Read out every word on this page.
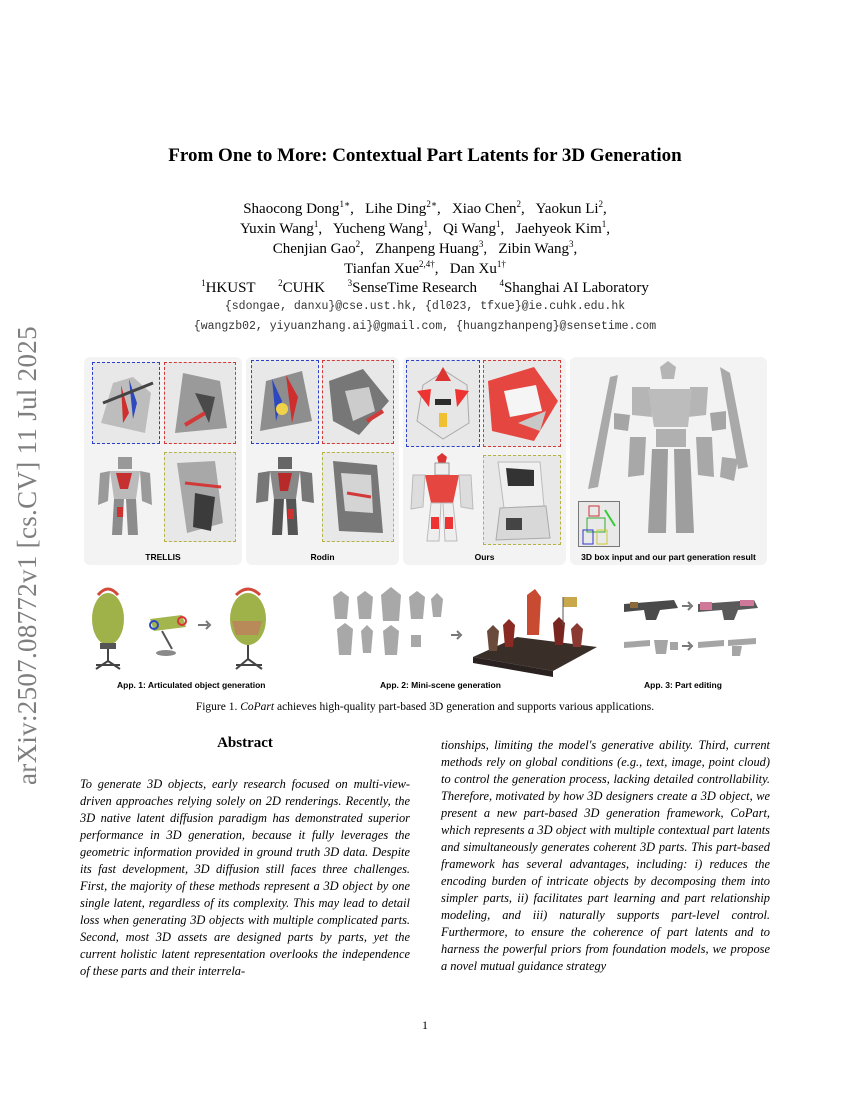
arXiv:2507.08772v1 [cs.CV] 11 Jul 2025
From One to More: Contextual Part Latents for 3D Generation
Shaocong Dong$^{1∗}$,   Lihe Ding$^{2∗}$,   Xiao Chen$^2$,   Yaokun Li$^2$,
Yuxin Wang$^1$,   Yucheng Wang$^1$,   Qi Wang$^1$,   Jaehyeok Kim$^1$,
Chenjian Gao$^2$,   Zhanpeng Huang$^3$,   Zibin Wang$^3$,
Tianfan Xue$^{2,4\dagger}$,   Dan $Xu^{1\dagger}$
$^1$HKUST	$^2$CUHK	$^3$SenseTime Research	$^4$Shanghai AI Laboratory
{sdongae, danxu}@cse.ust.hk, {dl023, tfxue}@ie.cuhk.edu.hk
{wangzb02, yiyuanzhang.ai}@gmail.com, {huangzhanpeng}@sensetime.com
TRELLIS	Rodin	Ours	3D box input and our part generation result
App. 1: Articulated object generation	App. 2: Mini-scene generation	App. 3: Part editing
Figure 1. CoPart achieves high-quality part-based 3D generation and supports various applications.
Abstract

To generate 3D objects, early research focused on multi-view-driven approaches relying solely on 2D renderings. Recently, the 3D native latent diffusion paradigm has demonstrated superior performance in 3D generation, because it fully leverages the geometric information provided in ground truth 3D data. Despite its fast development, 3D diffusion still faces three challenges. First, the majority of these methods represent a 3D object by one single latent, regardless of its complexity. This may lead to detail loss when generating 3D objects with multiple complicated parts. Second, most 3D assets are designed parts by parts, yet the current holistic latent representation overlooks the independence of these parts and their interrela-

tionships, limiting the model's generative ability. Third, current methods rely on global conditions (e.g., text, image, point cloud) to control the generation process, lacking detailed controllability. Therefore, motivated by how 3D designers create a 3D object, we present a new part-based 3D generation framework, CoPart, which represents a 3D object with multiple contextual part latents and simultaneously generates coherent 3D parts. This part-based framework has several advantages, including: i) reduces the encoding burden of intricate objects by decomposing them into simpler parts, ii) facilitates part learning and part relationship modeling, and iii) naturally supports part-level control. Furthermore, to ensure the coherence of part latents and to harness the powerful priors from foundation models, we propose a novel mutual guidance strategy

1
